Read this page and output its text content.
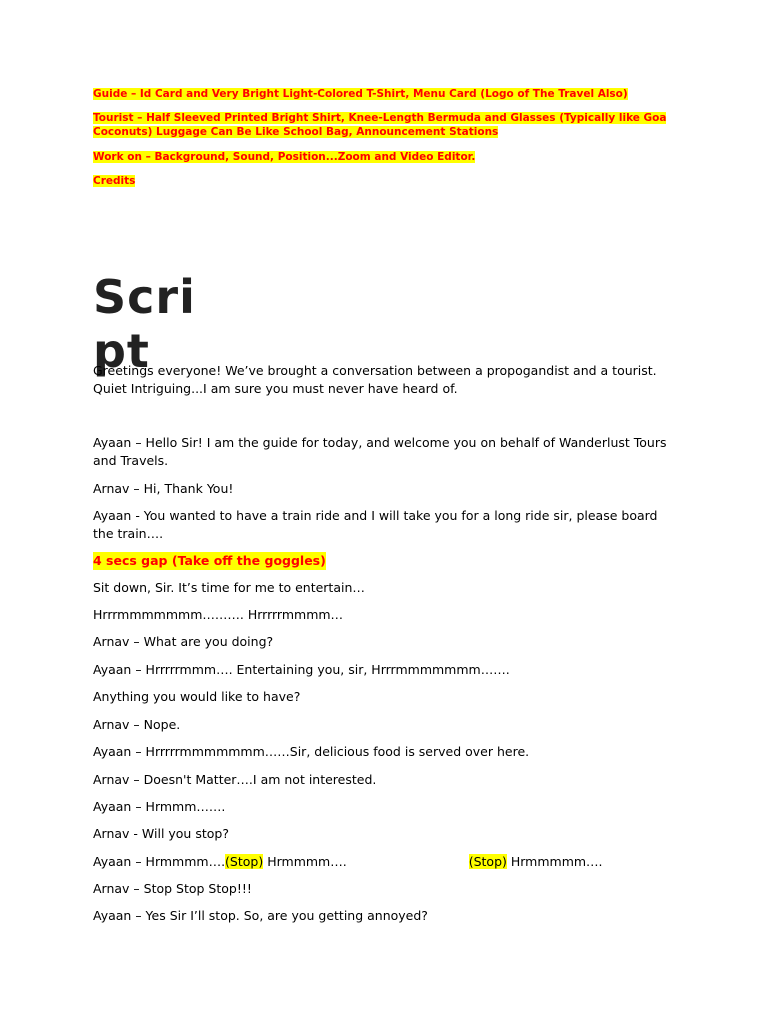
Guide – Id Card and Very Bright Light-Colored T-Shirt, Menu Card (Logo of The Travel Also)
Tourist – Half Sleeved Printed Bright Shirt, Knee-Length Bermuda and Glasses (Typically like Goa Coconuts) Luggage Can Be Like School Bag, Announcement Stations
Work on – Background, Sound, Position...Zoom and Video Editor.
Credits
Script
Greetings everyone! We’ve brought a conversation between a propogandist and a tourist. Quiet Intriguing...I am sure you must never have heard of.
Ayaan – Hello Sir! I am the guide for today, and welcome you on behalf of Wanderlust Tours and Travels.
Arnav – Hi, Thank You!
Ayaan - You wanted to have a train ride and I will take you for a long ride sir, please board the train….
4 secs gap (Take off the goggles)
Sit down, Sir. It’s time for me to entertain…
Hrrrmmmmmmm………. Hrrrrrmmmm…
Arnav – What are you doing?
Ayaan – Hrrrrrmmm…. Entertaining you, sir, Hrrrmmmmmmm…….
Anything you would like to have?
Arnav – Nope.
Ayaan – Hrrrrrmmmmmmm……Sir, delicious food is served over here.
Arnav – Doesn't Matter….I am not interested.
Ayaan – Hrmmm…….
Arnav - Will you stop?
Ayaan – Hrmmmm….(Stop) Hrmmmm….	(Stop) Hrmmmmm….
Arnav – Stop Stop Stop!!!
Ayaan – Yes Sir I’ll stop. So, are you getting annoyed?
